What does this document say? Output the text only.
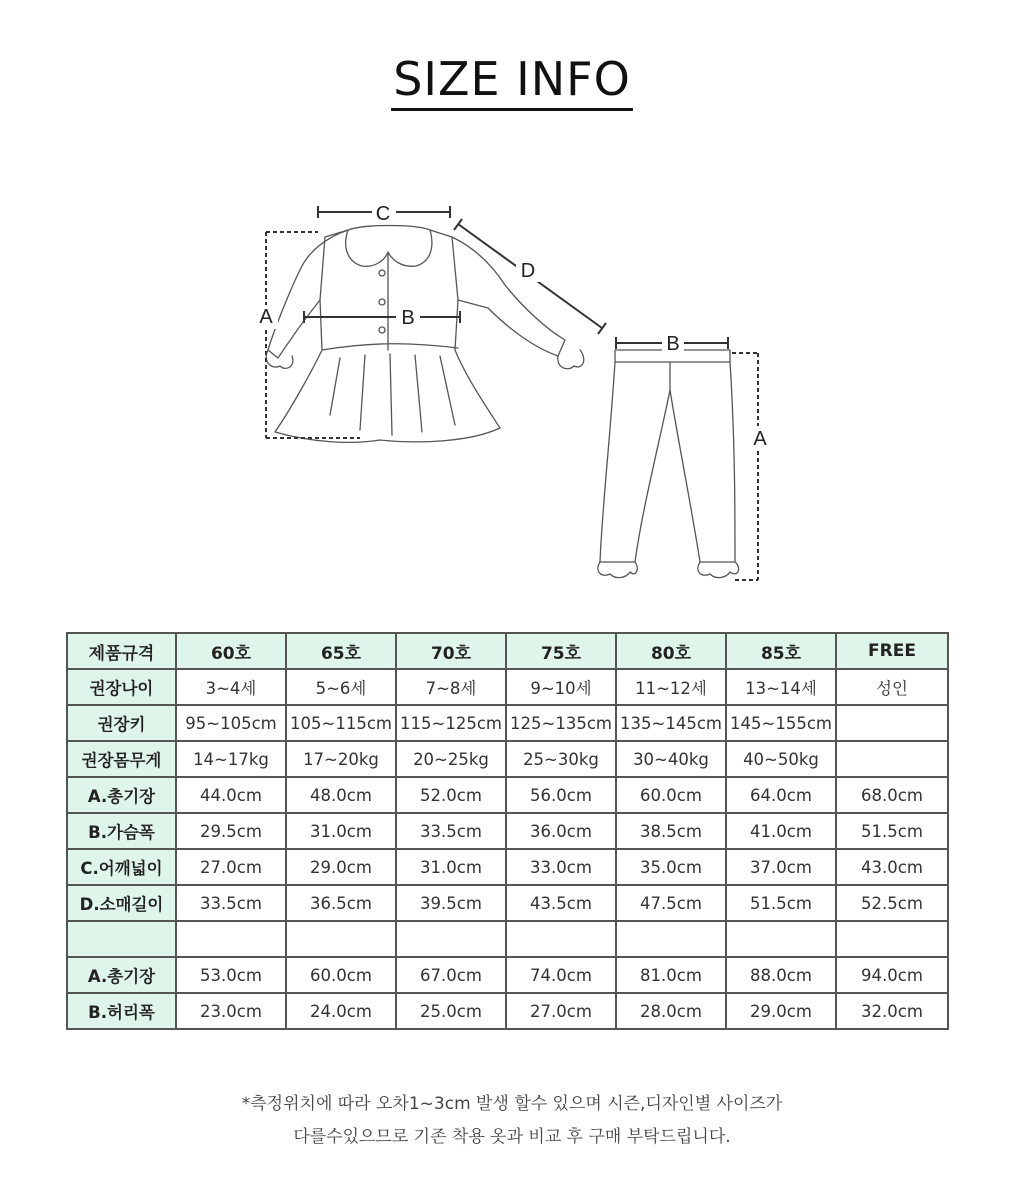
SIZE INFO
C
D
A	B
B
A
제품규격	60호	65호	70호	75호	80호	85호	FREE
권장나이	3~4세	5~6세	7~8세	9~10세	11~12세	13~14세	성인
권장키	95~105cm	105~115cm	115~125cm	125~135cm	135~145cm	145~155cm	
권장몸무게	14~17kg	17~20kg	20~25kg	25~30kg	30~40kg	40~50kg	
A.총기장	44.0cm	48.0cm	52.0cm	56.0cm	60.0cm	64.0cm	68.0cm
B.가슴폭	29.5cm	31.0cm	33.5cm	36.0cm	38.5cm	41.0cm	51.5cm
C.어깨넓이	27.0cm	29.0cm	31.0cm	33.0cm	35.0cm	37.0cm	43.0cm
D.소매길이	33.5cm	36.5cm	39.5cm	43.5cm	47.5cm	51.5cm	52.5cm

A.총기장	53.0cm	60.0cm	67.0cm	74.0cm	81.0cm	88.0cm	94.0cm
B.허리폭	23.0cm	24.0cm	25.0cm	27.0cm	28.0cm	29.0cm	32.0cm
*측정위치에 따라 오차1~3cm 발생 할수 있으며 시즌,디자인별 사이즈가
다를수있으므로 기존 착용 옷과 비교 후 구매 부탁드립니다.
